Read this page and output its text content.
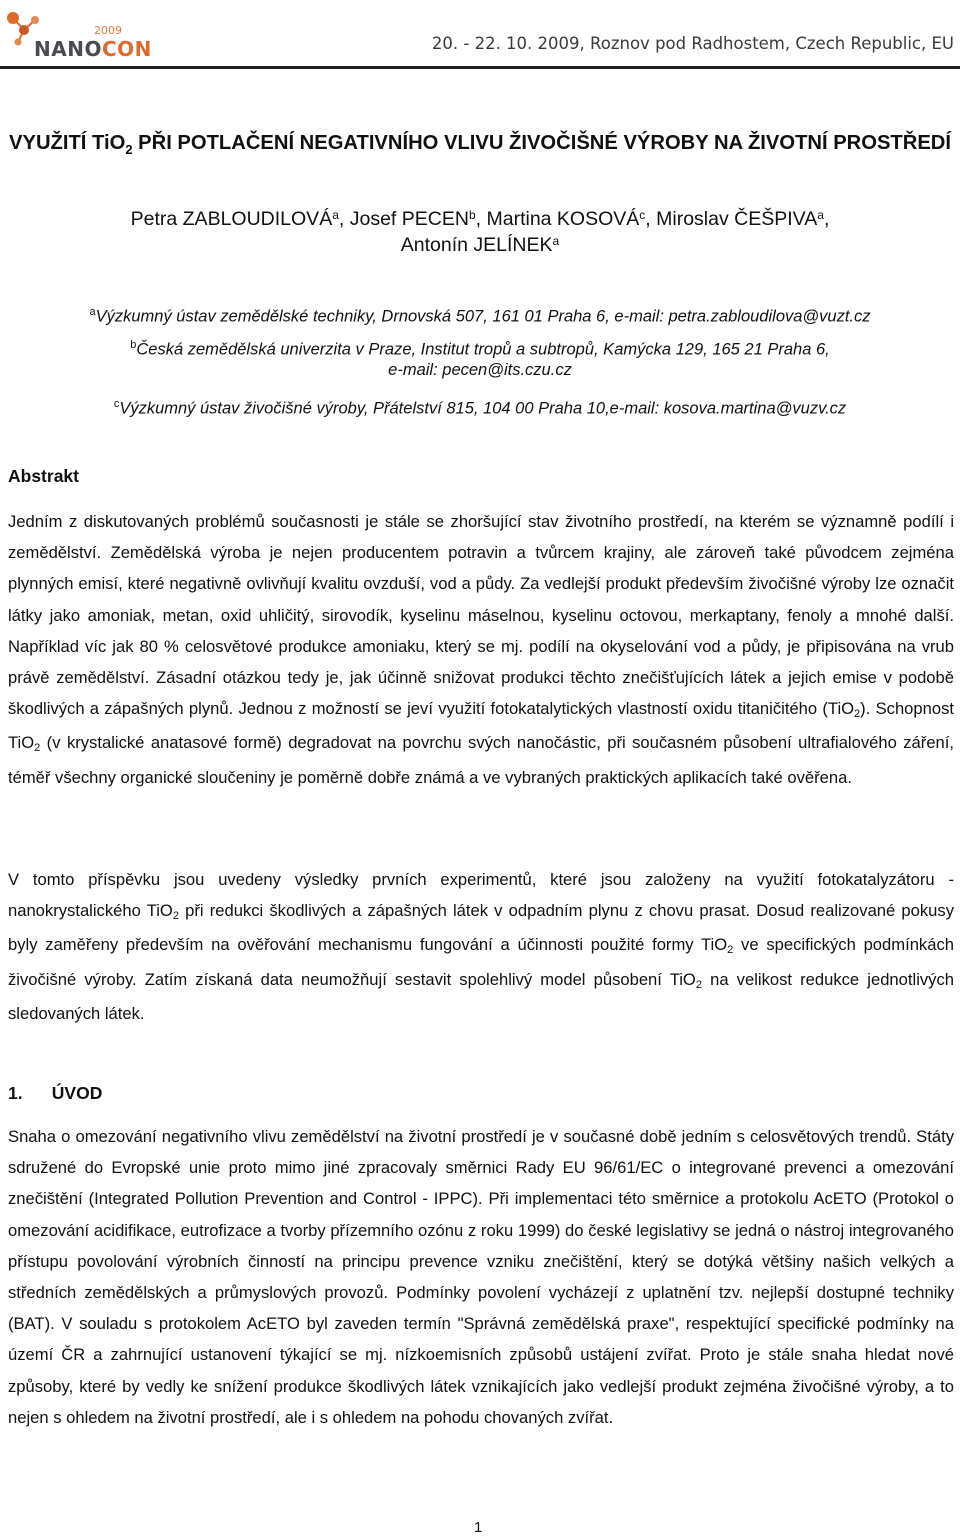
2009
NANOCON	20. - 22. 10. 2009, Roznov pod Radhostem, Czech Republic, EU
VYUŽITÍ TiO$_2$ PŘI POTLAČENÍ NEGATIVNÍHO VLIVU ŽIVOČIŠNÉ VÝROBY NA ŽIVOTNÍ PROSTŘEDÍ
Petra ZABLOUDILOVÁ$^a$, Josef PECEN$^b$, Martina KOSOVÁ$^c$, Miroslav ČEŠPIVA$^a$,
Antonín JELÍNEK$^a$
$^a$Výzkumný ústav zemědělské techniky, Drnovská 507, 161 01 Praha 6, e-mail: petra.zabloudilova@vuzt.cz
$^b$Česká zemědělská univerzita v Praze, Institut tropů a subtropů, Kamýcka 129, 165 21 Praha 6,
e-mail: pecen@its.czu.cz
$^c$Výzkumný ústav živočišné výroby, Přátelství 815, 104 00 Praha 10,e-mail: kosova.martina@vuzv.cz
Abstrakt

Jedním z diskutovaných problémů současnosti je stále se zhoršující stav životního prostředí, na kterém se významně podílí i zemědělství. Zemědělská výroba je nejen producentem potravin a tvůrcem krajiny, ale zároveň také původcem zejména plynných emisí, které negativně ovlivňují kvalitu ovzduší, vod a půdy. Za vedlejší produkt především živočišné výroby lze označit látky jako amoniak, metan, oxid uhličitý, sirovodík, kyselinu máselnou, kyselinu octovou, merkaptany, fenoly a mnohé další. Například víc jak 80 % celosvětové produkce amoniaku, který se mj. podílí na okyselování vod a půdy, je připisována na vrub právě zemědělství. Zásadní otázkou tedy je, jak účinně snižovat produkci těchto znečišťujících látek a jejich emise v podobě škodlivých a zápašných plynů. Jednou z možností se jeví využití fotokatalytických vlastností oxidu titaničitého (TiO$_2$). Schopnost TiO$_2$ (v krystalické anatasové formě) degradovat na povrchu svých nanočástic, při současném působení ultrafialového záření, téměř všechny organické sloučeniny je poměrně dobře známá a ve vybraných praktických aplikacích také ověřena.

V tomto příspěvku jsou uvedeny výsledky prvních experimentů, které jsou založeny na využití fotokatalyzátoru - nanokrystalického TiO$_2$ při redukci škodlivých a zápašných látek v odpadním plynu z chovu prasat. Dosud realizované pokusy byly zaměřeny především na ověřování mechanismu fungování a účinnosti použité formy TiO$_2$ ve specifických podmínkách živočišné výroby. Zatím získaná data neumožňují sestavit spolehlivý model působení TiO$_2$ na velikost redukce jednotlivých sledovaných látek.

1.      ÚVOD

Snaha o omezování negativního vlivu zemědělství na životní prostředí je v současné době jedním s celosvětových trendů. Státy sdružené do Evropské unie proto mimo jiné zpracovaly směrnici Rady EU 96/61/EC o integrované prevenci a omezování znečištění (Integrated Pollution Prevention and Control - IPPC). Při implementaci této směrnice a protokolu AcETO (Protokol o omezování acidifikace, eutrofizace a tvorby přízemního ozónu z roku 1999) do české legislativy se jedná o nástroj integrovaného přístupu povolování výrobních činností na principu prevence vzniku znečištění, který se dotýká většiny našich velkých a středních zemědělských a průmyslových provozů. Podmínky povolení vycházejí z uplatnění tzv. nejlepší dostupné techniky (BAT). V souladu s protokolem AcETO byl zaveden termín "Správná zemědělská praxe", respektující specifické podmínky na území ČR a zahrnující ustanovení týkající se mj. nízkoemisních způsobů ustájení zvířat. Proto je stále snaha hledat nové způsoby, které by vedly ke snížení produkce škodlivých látek vznikajících jako vedlejší produkt zejména živočišné výroby, a to nejen s ohledem na životní prostředí, ale i s ohledem na pohodu chovaných zvířat.

1
